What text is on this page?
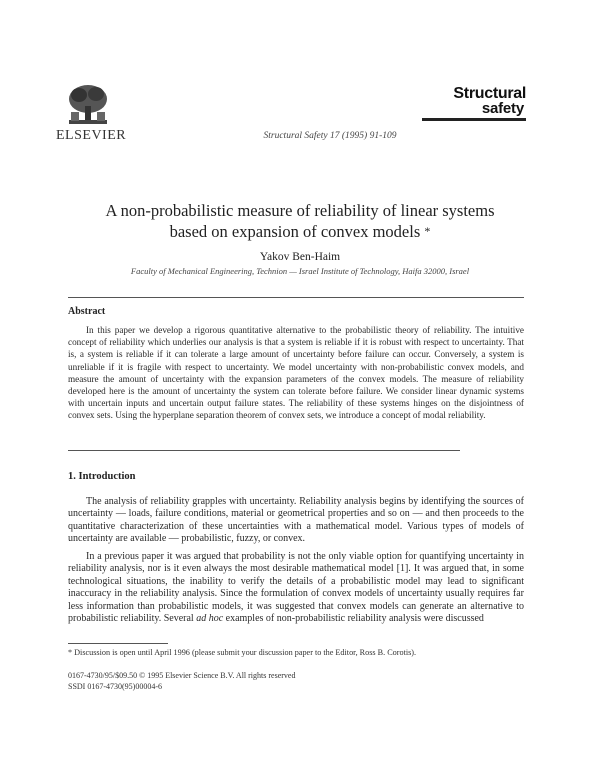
ELSEVIER	Structural Safety 17 (1995) 91-109
Structural
safety
A non-probabilistic measure of reliability of linear systems
based on expansion of convex models *
Yakov Ben-Haim
Faculty of Mechanical Engineering, Technion — Israel Institute of Technology, Haifa 32000, Israel
Abstract
In this paper we develop a rigorous quantitative alternative to the probabilistic theory of reliability. The intuitive concept of reliability which underlies our analysis is that a system is reliable if it is robust with respect to uncertainty. That is, a system is reliable if it can tolerate a large amount of uncertainty before failure can occur. Conversely, a system is unreliable if it is fragile with respect to uncertainty. We model uncertainty with non-probabilistic convex models, and measure the amount of uncertainty with the expansion parameters of the convex models. The measure of reliability developed here is the amount of uncertainty the system can tolerate before failure. We consider linear dynamic systems with uncertain inputs and uncertain output failure states. The reliability of these systems hinges on the disjointness of convex sets. Using the hyperplane separation theorem of convex sets, we introduce a concept of modal reliability.
1. Introduction

The analysis of reliability grapples with uncertainty. Reliability analysis begins by identifying the sources of uncertainty — loads, failure conditions, material or geometrical properties and so on — and then proceeds to the quantitative characterization of these uncertainties with a mathematical model. Various types of models of uncertainty are available — probabilistic, fuzzy, or convex.

In a previous paper it was argued that probability is not the only viable option for quantifying uncertainty in reliability analysis, nor is it even always the most desirable mathematical model [1]. It was argued that, in some technological situations, the inability to verify the details of a probabilistic model may lead to significant inaccuracy in the reliability analysis. Since the formulation of convex models of uncertainty usually requires far less information than probabilistic models, it was suggested that convex models can generate an alternative to probabilistic reliability. Several ad hoc examples of non-probabilistic reliability analysis were discussed

* Discussion is open until April 1996 (please submit your discussion paper to the Editor, Ross B. Corotis).
0167-4730/95/$09.50 © 1995 Elsevier Science B.V. All rights reserved
SSDI 0167-4730(95)00004-6
